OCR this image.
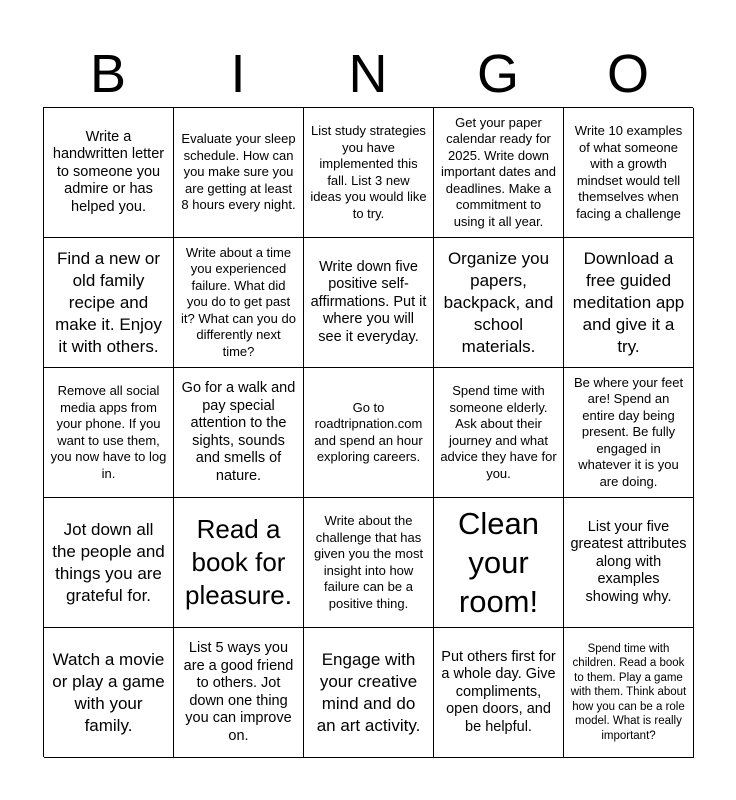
B	I	N	G	O
Write a handwritten letter to someone you admire or has helped you.
Evaluate your sleep schedule. How can you make sure you are getting at least 8 hours every night.
List study strategies you have implemented this fall. List 3 new ideas you would like to try.
Get your paper calendar ready for 2025. Write down important dates and deadlines. Make a commitment to using it all year.
Write 10 examples of what someone with a growth mindset would tell themselves when facing a challenge
Find a new or old family recipe and make it. Enjoy it with others.
Write about a time you experienced failure. What did you do to get past it? What can you do differently next time?
Write down five positive self-affirmations. Put it where you will see it everyday.
Organize you papers, backpack, and school materials.
Download a free guided meditation app and give it a try.
Remove all social media apps from your phone. If you want to use them, you now have to log in.
Go for a walk and pay special attention to the sights, sounds and smells of nature.
Go to roadtripnation.com and spend an hour exploring careers.
Spend time with someone elderly. Ask about their journey and what advice they have for you.
Be where your feet are! Spend an entire day being present. Be fully engaged in whatever it is you are doing.
Jot down all the people and things you are grateful for.
Read a book for pleasure.
Write about the challenge that has given you the most insight into how failure can be a positive thing.
Clean your room!
List your five greatest attributes along with examples showing why.
Watch a movie or play a game with your family.
List 5 ways you are a good friend to others. Jot down one thing you can improve on.
Engage with your creative mind and do an art activity.
Put others first for a whole day. Give compliments, open doors, and be helpful.
Spend time with children. Read a book to them. Play a game with them. Think about how you can be a role model. What is really important?
